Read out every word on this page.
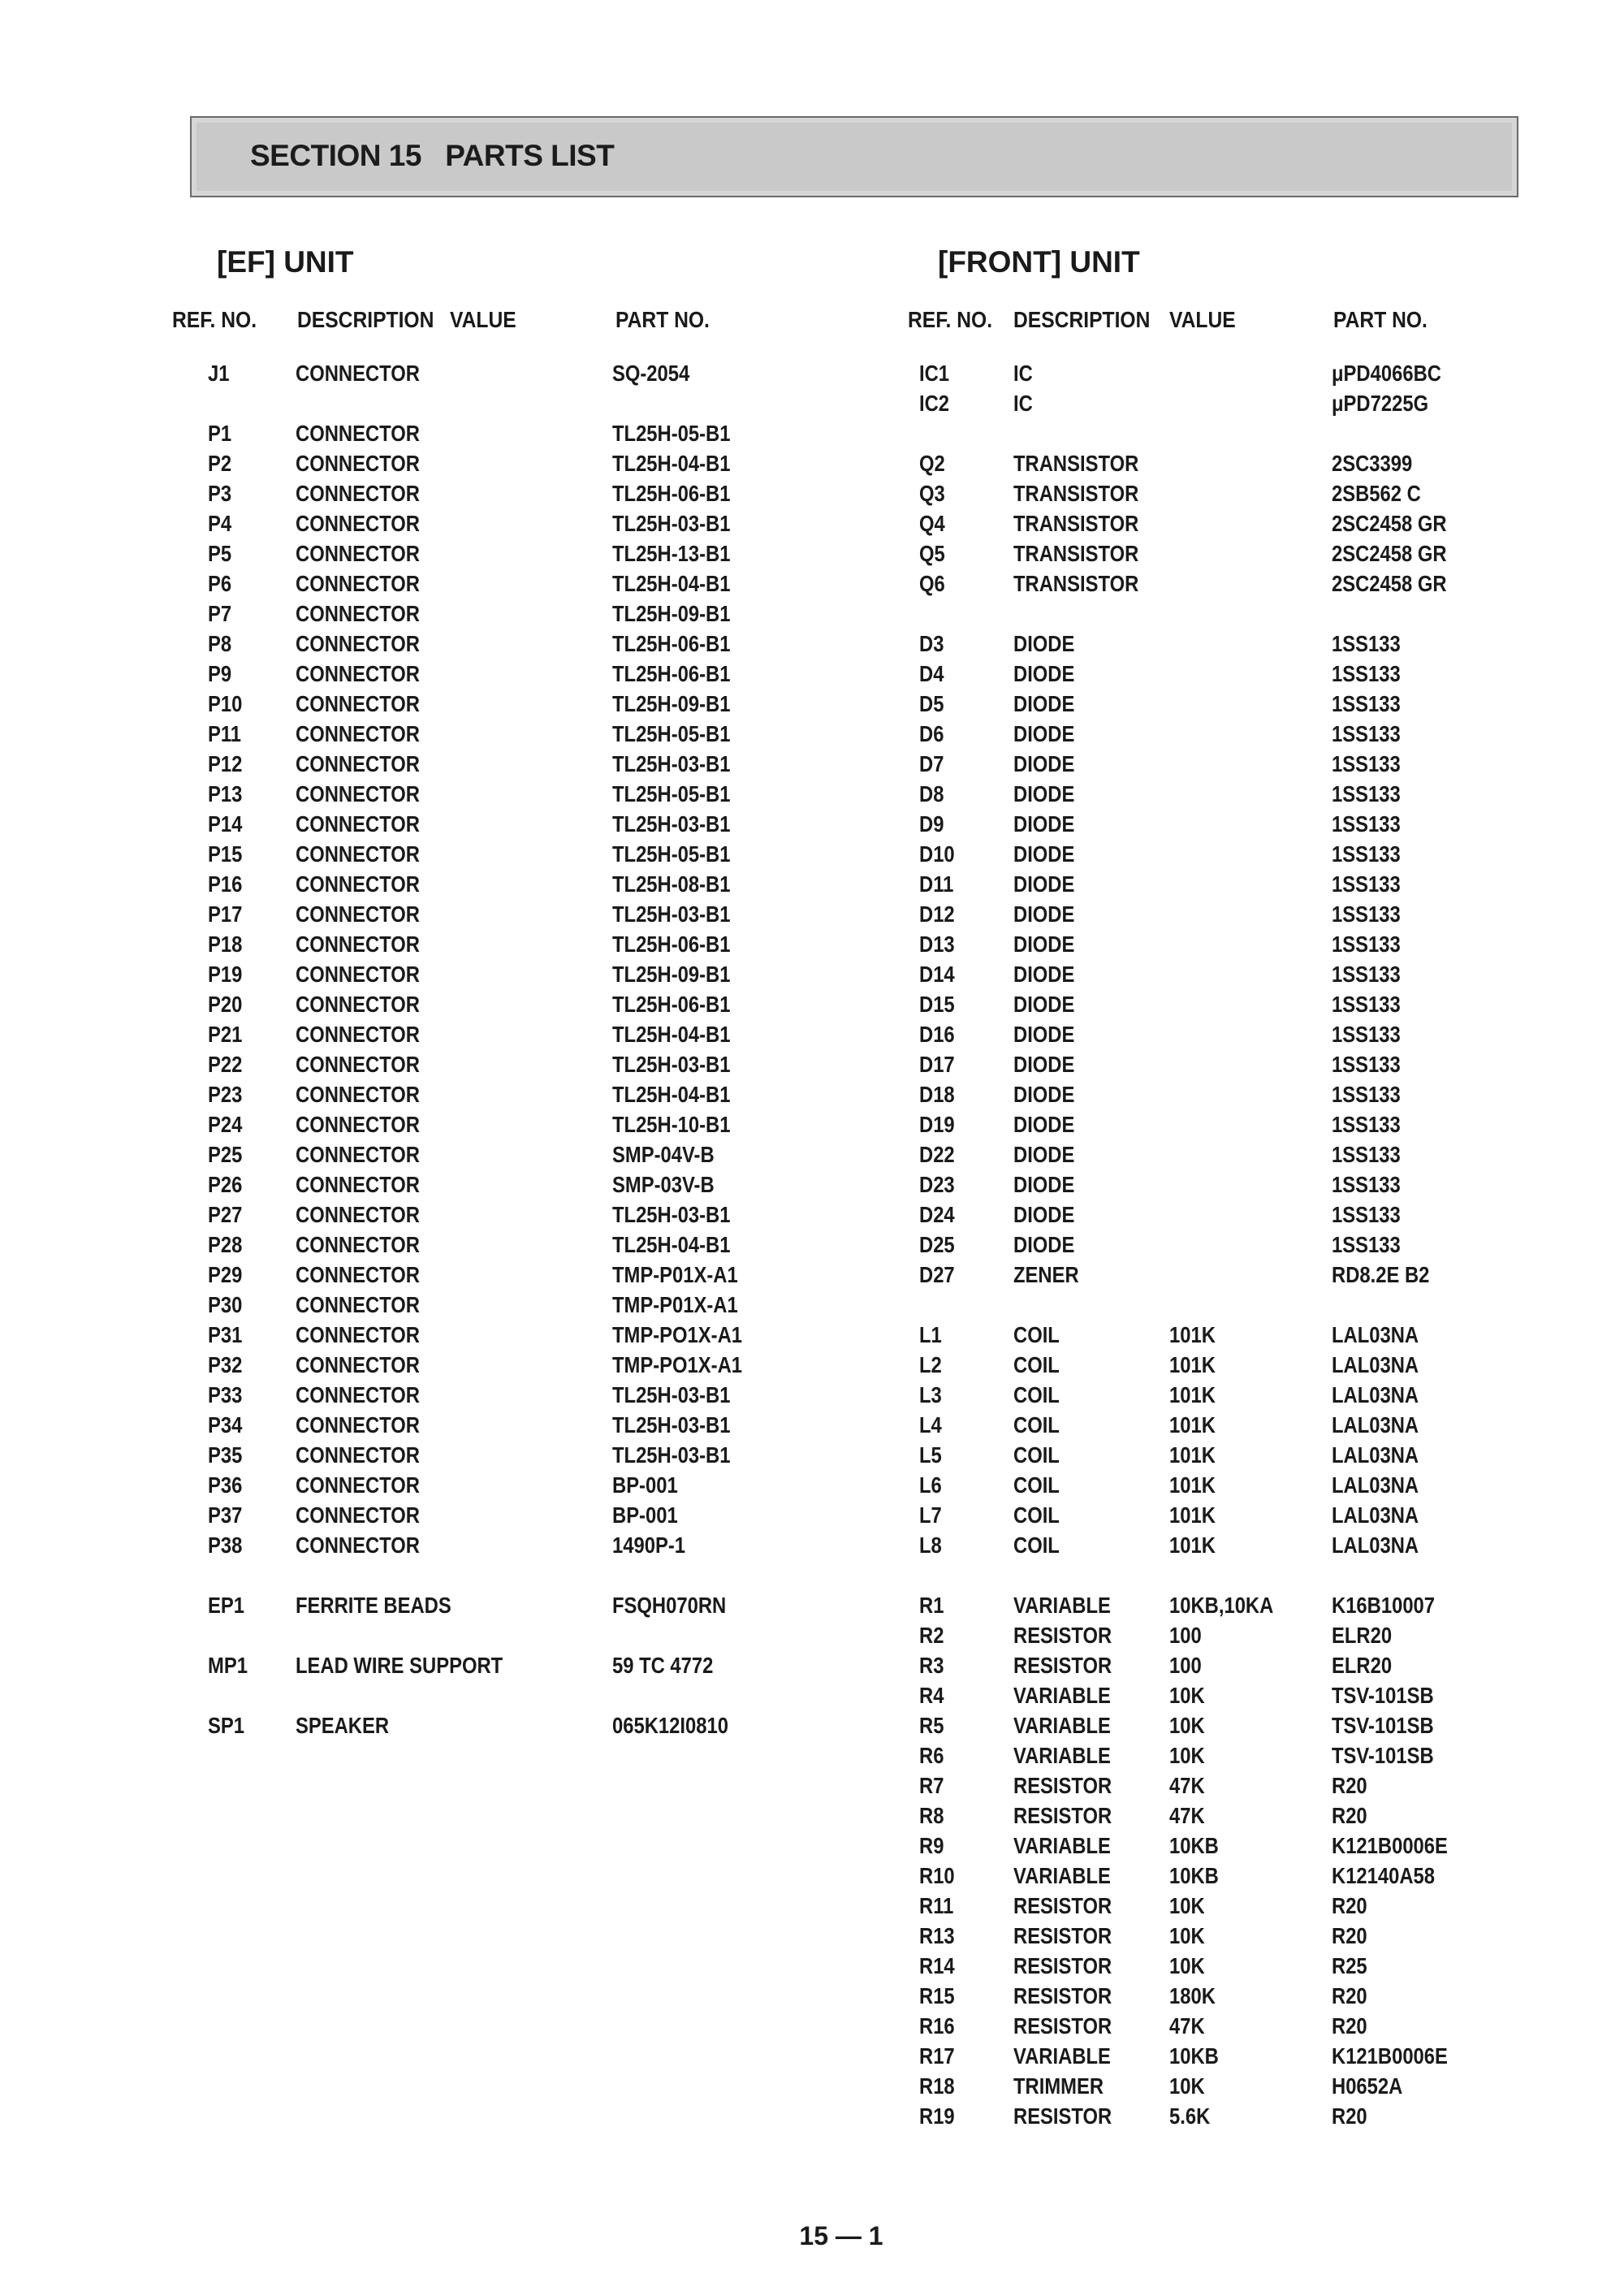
SECTION 15   PARTS LIST
[EF] UNIT
REF. NO. DESCRIPTION VALUE	PART NO.
J1	CONNECTOR	SQ-2054
P1	CONNECTOR	TL25H-05-B1
P2	CONNECTOR	TL25H-04-B1
P3	CONNECTOR	TL25H-06-B1
P4	CONNECTOR	TL25H-03-B1
P5	CONNECTOR	TL25H-13-B1
P6	CONNECTOR	TL25H-04-B1
P7	CONNECTOR	TL25H-09-B1
P8	CONNECTOR	TL25H-06-B1
P9	CONNECTOR	TL25H-06-B1
P10 CONNECTOR	TL25H-09-B1
P11 CONNECTOR	TL25H-05-B1
P12 CONNECTOR	TL25H-03-B1
P13 CONNECTOR	TL25H-05-B1
P14 CONNECTOR	TL25H-03-B1
P15 CONNECTOR	TL25H-05-B1
P16 CONNECTOR	TL25H-08-B1
P17 CONNECTOR	TL25H-03-B1
P18 CONNECTOR	TL25H-06-B1
P19 CONNECTOR	TL25H-09-B1
P20 CONNECTOR	TL25H-06-B1
P21 CONNECTOR	TL25H-04-B1
P22 CONNECTOR	TL25H-03-B1
P23 CONNECTOR	TL25H-04-B1
P24 CONNECTOR	TL25H-10-B1
P25 CONNECTOR	SMP-04V-B
P26 CONNECTOR	SMP-03V-B
P27 CONNECTOR	TL25H-03-B1
P28 CONNECTOR	TL25H-04-B1
P29 CONNECTOR	TMP-P01X-A1
P30 CONNECTOR	TMP-P01X-A1
P31 CONNECTOR	TMP-PO1X-A1
P32 CONNECTOR	TMP-PO1X-A1
P33 CONNECTOR	TL25H-03-B1
P34 CONNECTOR	TL25H-03-B1
P35 CONNECTOR	TL25H-03-B1
P36 CONNECTOR	BP-001
P37 CONNECTOR	BP-001
P38 CONNECTOR	1490P-1
EP1 FERRITE BEADS	FSQH070RN
MP1 LEAD WIRE SUPPORT	59 TC 4772
SP1 SPEAKER	065K12I0810
[FRONT] UNIT
REF. NO. DESCRIPTION VALUE	PART NO.
IC1	IC	μPD4066BC
IC2	IC	μPD7225G
Q2	TRANSISTOR	2SC3399
Q3	TRANSISTOR	2SB562 C
Q4	TRANSISTOR	2SC2458 GR
Q5	TRANSISTOR	2SC2458 GR
Q6	TRANSISTOR	2SC2458 GR
D3	DIODE	1SS133
D4	DIODE	1SS133
D5	DIODE	1SS133
D6	DIODE	1SS133
D7	DIODE	1SS133
D8	DIODE	1SS133
D9	DIODE	1SS133
D10	DIODE	1SS133
D11	DIODE	1SS133
D12	DIODE	1SS133
D13	DIODE	1SS133
D14	DIODE	1SS133
D15	DIODE	1SS133
D16	DIODE	1SS133
D17	DIODE	1SS133
D18	DIODE	1SS133
D19	DIODE	1SS133
D22	DIODE	1SS133
D23	DIODE	1SS133
D24	DIODE	1SS133
D25	DIODE	1SS133
D27	ZENER	RD8.2E B2
L1	COIL	101K	LAL03NA
L2	COIL	101K	LAL03NA
L3	COIL	101K	LAL03NA
L4	COIL	101K	LAL03NA
L5	COIL	101K	LAL03NA
L6	COIL	101K	LAL03NA
L7	COIL	101K	LAL03NA
L8	COIL	101K	LAL03NA
R1	VARIABLE	10KB,10KA	K16B10007
R2	RESISTOR	100	ELR20
R3	RESISTOR	100	ELR20
R4	VARIABLE	10K	TSV-101SB
R5	VARIABLE	10K	TSV-101SB
R6	VARIABLE	10K	TSV-101SB
R7	RESISTOR	47K	R20
R8	RESISTOR	47K	R20
R9	VARIABLE	10KB	K121B0006E
R10	VARIABLE	10KB	K12140A58
R11	RESISTOR	10K	R20
R13	RESISTOR	10K	R20
R14	RESISTOR	10K	R25
R15	RESISTOR	180K	R20
R16	RESISTOR	47K	R20
R17	VARIABLE	10KB	K121B0006E
R18	TRIMMER	10K	H0652A
R19	RESISTOR	5.6K	R20
15 — 1
